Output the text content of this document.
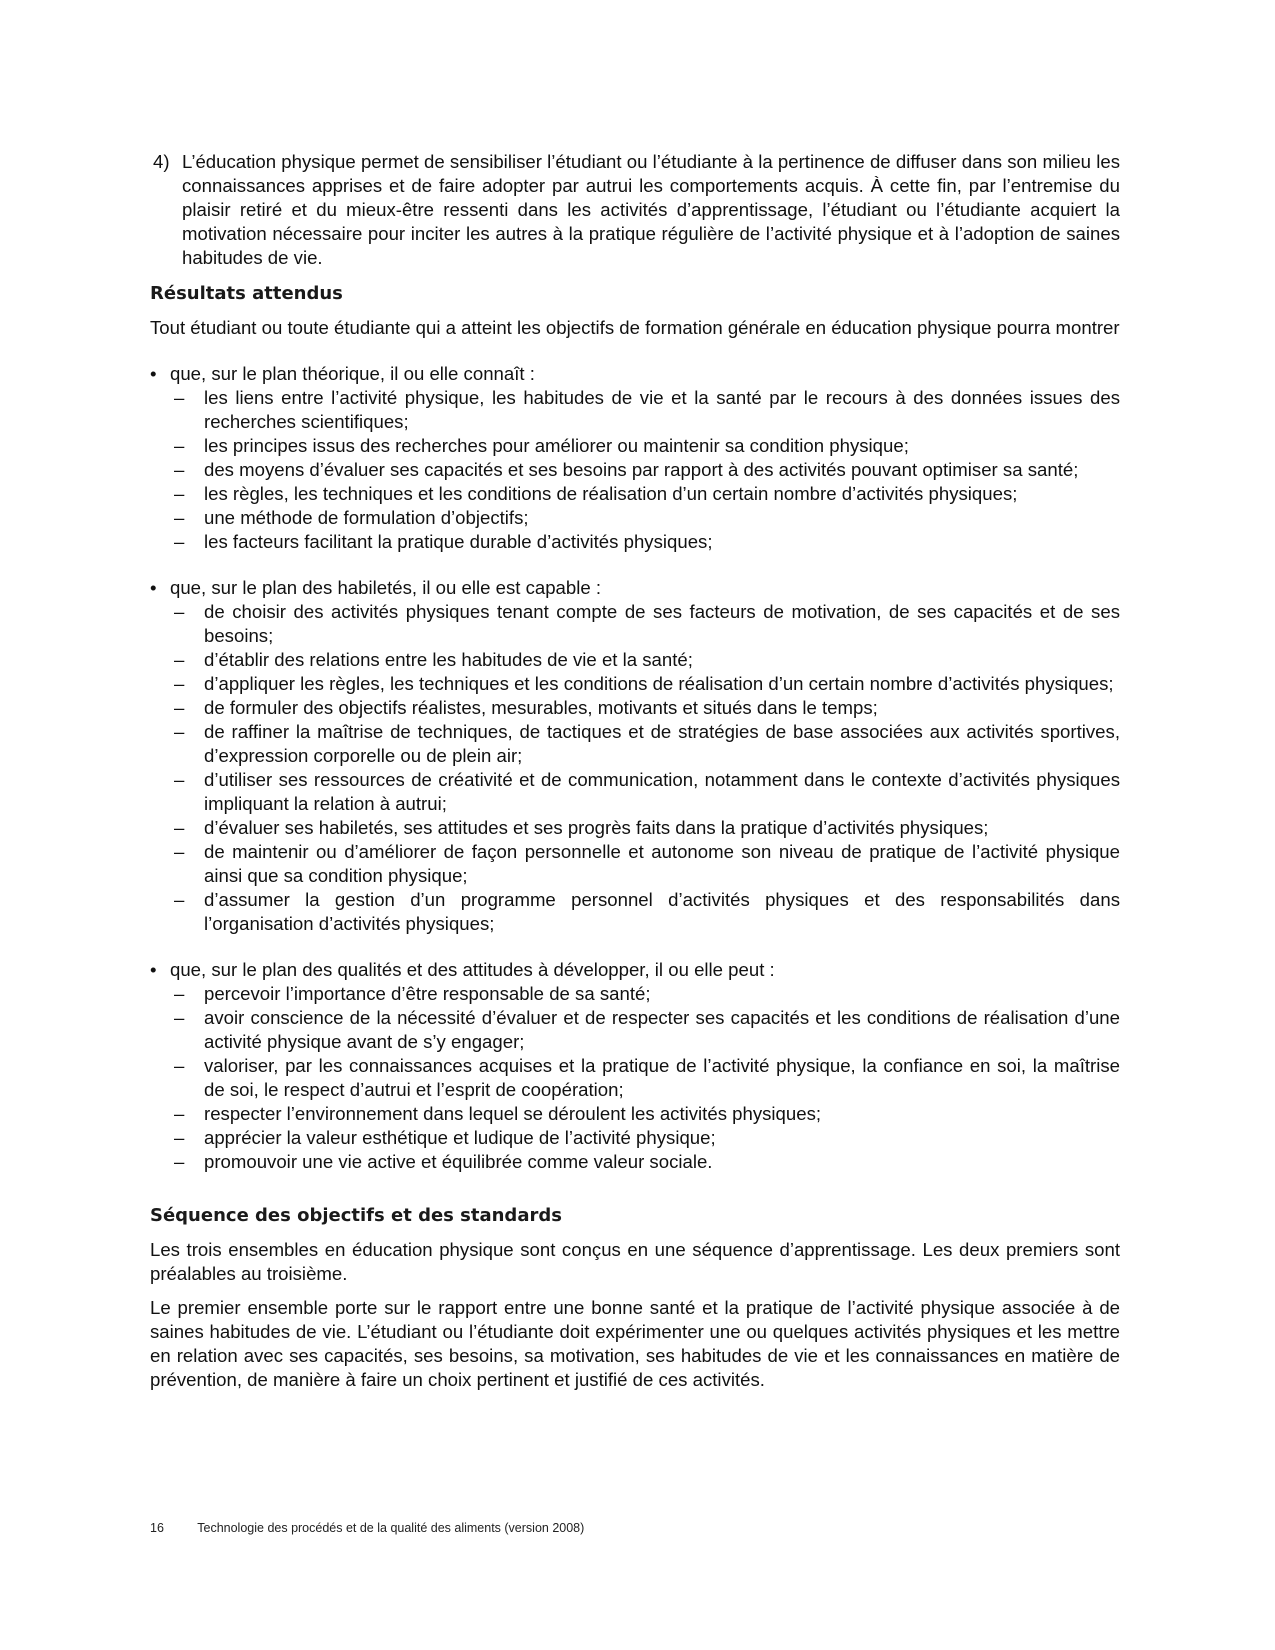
4) L’éducation physique permet de sensibiliser l’étudiant ou l’étudiante à la pertinence de diffuser dans son milieu les connaissances apprises et de faire adopter par autrui les comportements acquis. À cette fin, par l’entremise du plaisir retiré et du mieux-être ressenti dans les activités d’apprentissage, l’étudiant ou l’étudiante acquiert la motivation nécessaire pour inciter les autres à la pratique régulière de l’activité physique et à l’adoption de saines habitudes de vie.
Résultats attendus

Tout étudiant ou toute étudiante qui a atteint les objectifs de formation générale en éducation physique pourra montrer

• que, sur le plan théorique, il ou elle connaît :
– les liens entre l’activité physique, les habitudes de vie et la santé par le recours à des données issues des recherches scientifiques;
– les principes issus des recherches pour améliorer ou maintenir sa condition physique;
– des moyens d’évaluer ses capacités et ses besoins par rapport à des activités pouvant optimiser sa santé;
– les règles, les techniques et les conditions de réalisation d’un certain nombre d’activités physiques;
– une méthode de formulation d’objectifs;
– les facteurs facilitant la pratique durable d’activités physiques;
• que, sur le plan des habiletés, il ou elle est capable :
– de choisir des activités physiques tenant compte de ses facteurs de motivation, de ses capacités et de ses besoins;
– d’établir des relations entre les habitudes de vie et la santé;
– d’appliquer les règles, les techniques et les conditions de réalisation d’un certain nombre d’activités physiques;
– de formuler des objectifs réalistes, mesurables, motivants et situés dans le temps;
– de raffiner la maîtrise de techniques, de tactiques et de stratégies de base associées aux activités sportives, d’expression corporelle ou de plein air;
– d’utiliser ses ressources de créativité et de communication, notamment dans le contexte d’activités physiques impliquant la relation à autrui;
– d’évaluer ses habiletés, ses attitudes et ses progrès faits dans la pratique d’activités physiques;
– de maintenir ou d’améliorer de façon personnelle et autonome son niveau de pratique de l’activité physique ainsi que sa condition physique;
– d’assumer la gestion d’un programme personnel d’activités physiques et des responsabilités dans l’organisation d’activités physiques;
• que, sur le plan des qualités et des attitudes à développer, il ou elle peut :
– percevoir l’importance d’être responsable de sa santé;
– avoir conscience de la nécessité d’évaluer et de respecter ses capacités et les conditions de réalisation d’une activité physique avant de s’y engager;
– valoriser, par les connaissances acquises et la pratique de l’activité physique, la confiance en soi, la maîtrise de soi, le respect d’autrui et l’esprit de coopération;
– respecter l’environnement dans lequel se déroulent les activités physiques;
– apprécier la valeur esthétique et ludique de l’activité physique;
– promouvoir une vie active et équilibrée comme valeur sociale.
Séquence des objectifs et des standards

Les trois ensembles en éducation physique sont conçus en une séquence d’apprentissage. Les deux premiers sont préalables au troisième.

Le premier ensemble porte sur le rapport entre une bonne santé et la pratique de l’activité physique associée à de saines habitudes de vie. L’étudiant ou l’étudiante doit expérimenter une ou quelques activités physiques et les mettre en relation avec ses capacités, ses besoins, sa motivation, ses habitudes de vie et les connaissances en matière de prévention, de manière à faire un choix pertinent et justifié de ces activités.

16	Technologie des procédés et de la qualité des aliments (version 2008)
